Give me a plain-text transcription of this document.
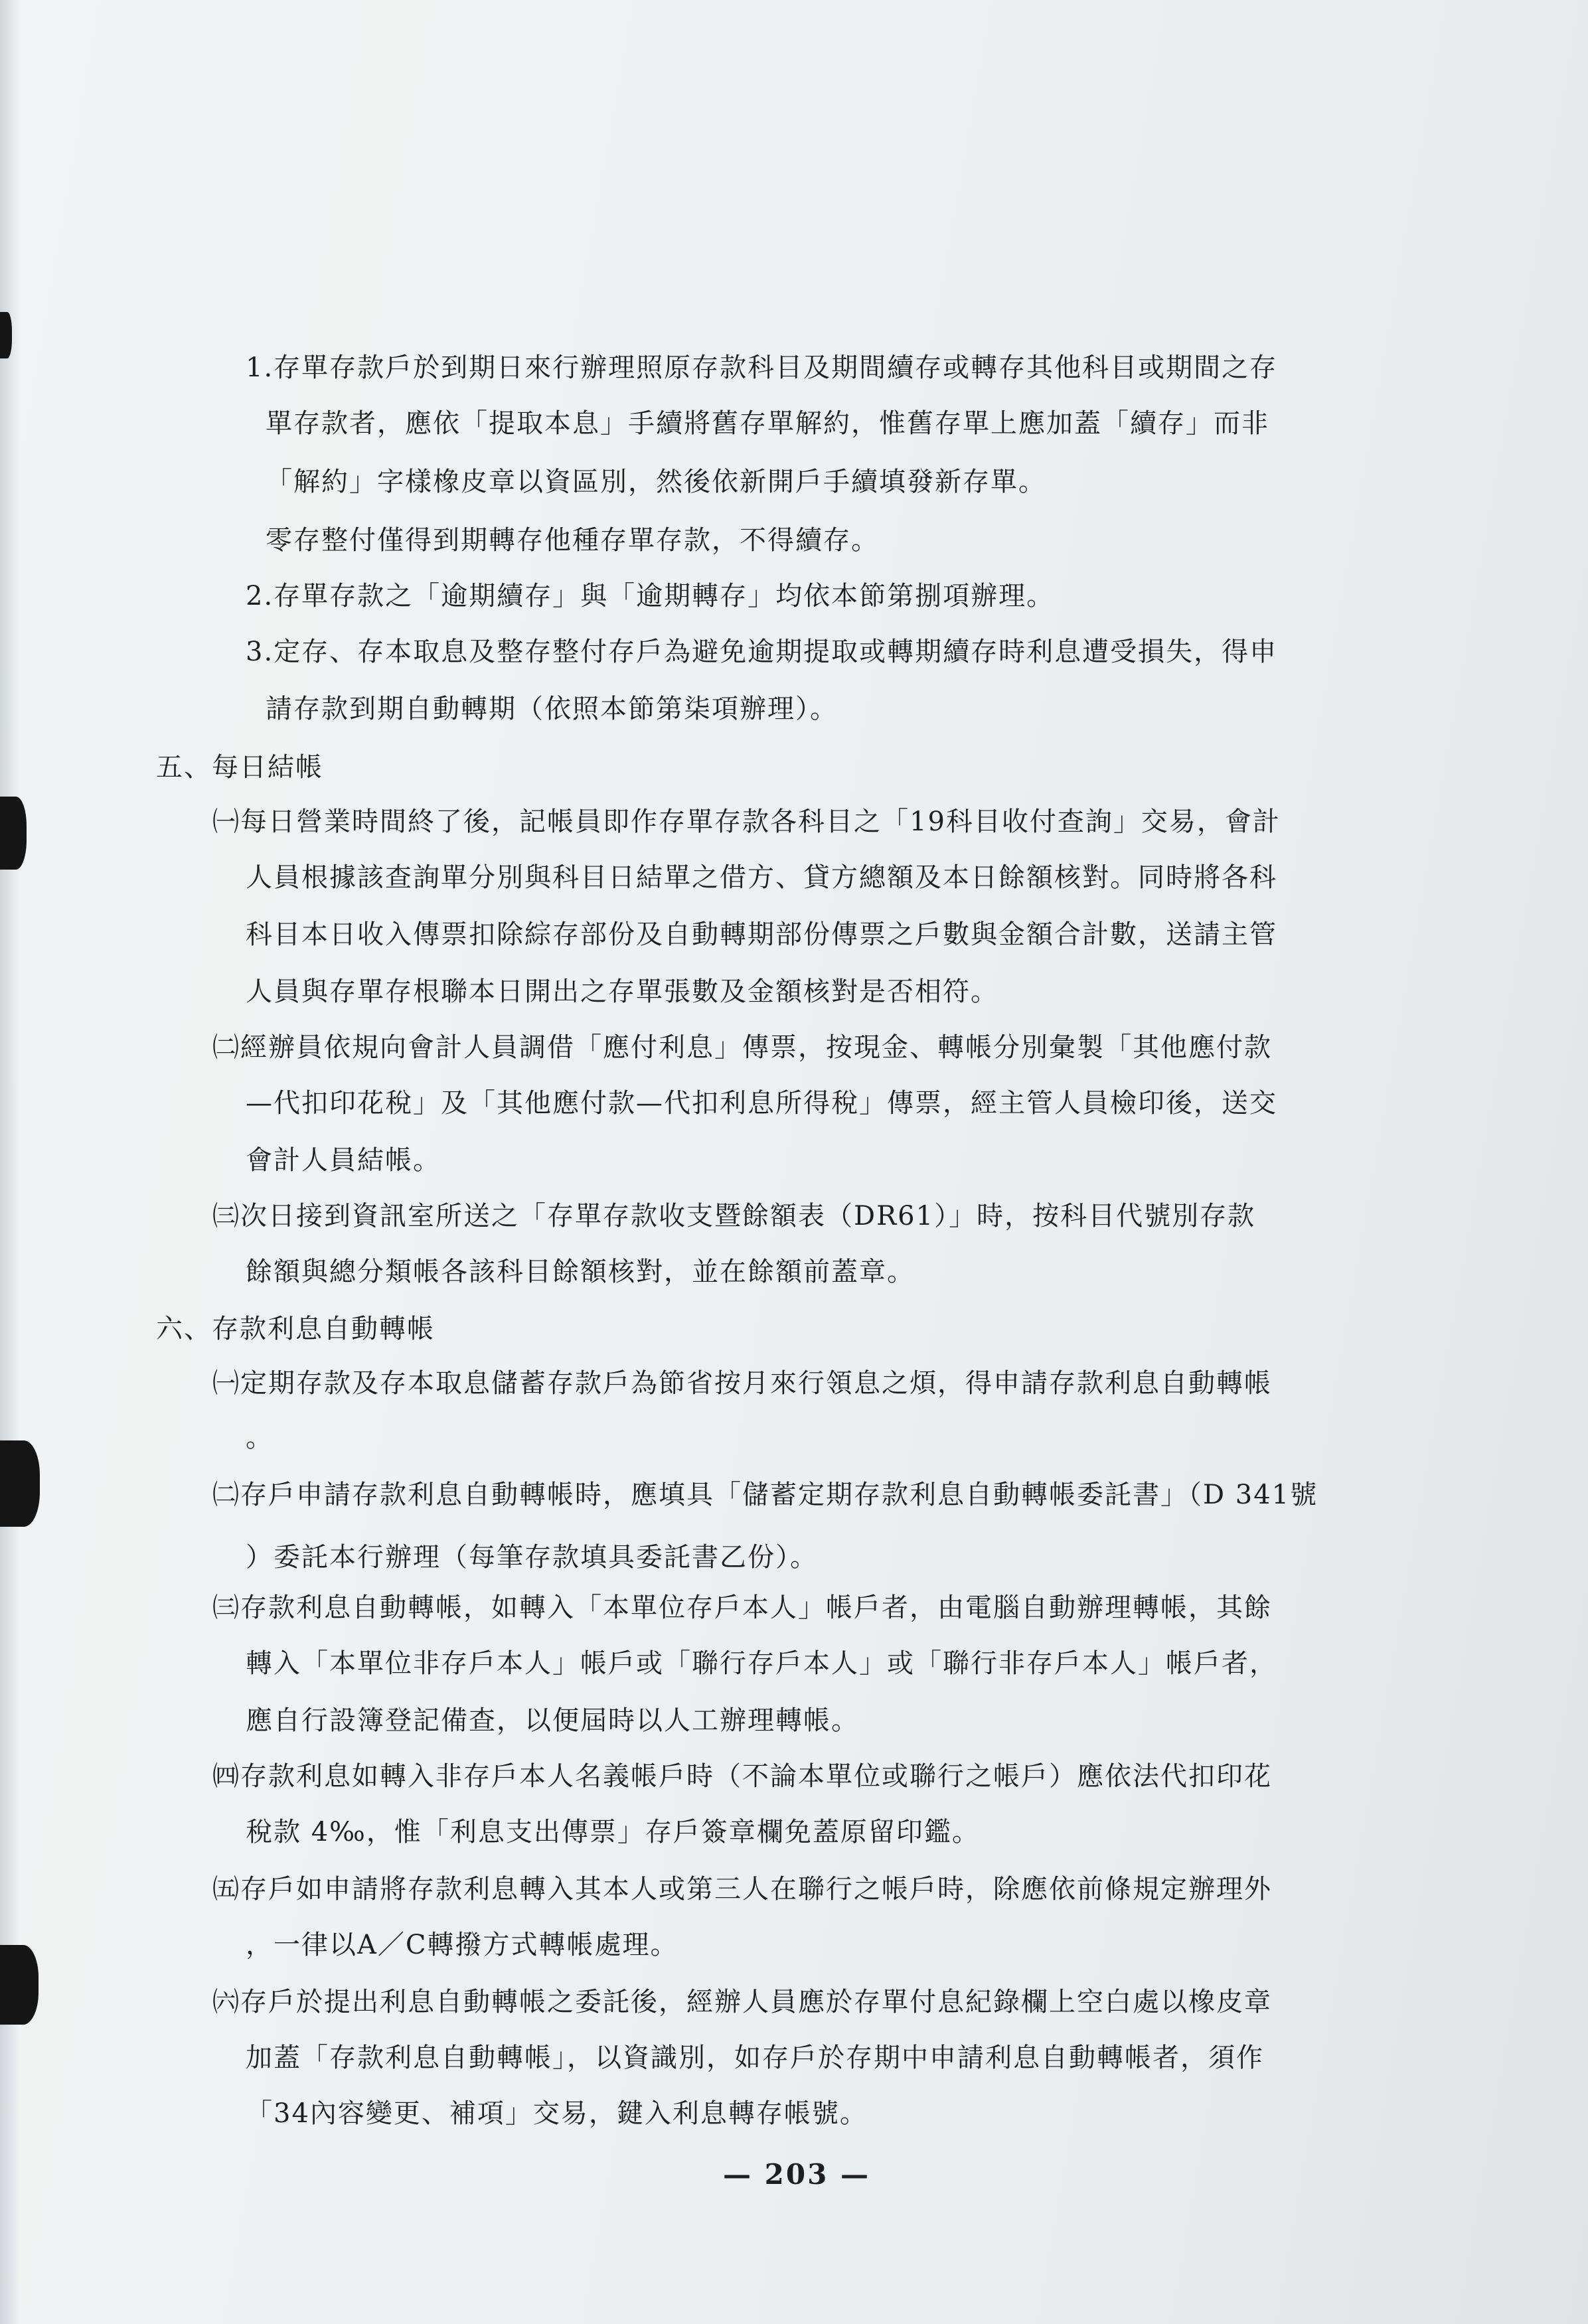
1.存單存款戶於到期日來行辦理照原存款科目及期間續存或轉存其他科目或期間之存
單存款者，應依「提取本息」手續將舊存單解約，惟舊存單上應加蓋「續存」而非
「解約」字樣橡皮章以資區別，然後依新開戶手續填發新存單。
零存整付僅得到期轉存他種存單存款，不得續存。
2.存單存款之「逾期續存」與「逾期轉存」均依本節第捌項辦理。
3.定存、存本取息及整存整付存戶為避免逾期提取或轉期續存時利息遭受損失，得申
請存款到期自動轉期（依照本節第柒項辦理）。
五、每日結帳
㈠每日營業時間終了後，記帳員即作存單存款各科目之「19科目收付查詢」交易，會計
人員根據該查詢單分別與科目日結單之借方、貸方總額及本日餘額核對。同時將各科
科目本日收入傳票扣除綜存部份及自動轉期部份傳票之戶數與金額合計數，送請主管
人員與存單存根聯本日開出之存單張數及金額核對是否相符。
㈡經辦員依規向會計人員調借「應付利息」傳票，按現金、轉帳分別彙製「其他應付款
—代扣印花稅」及「其他應付款—代扣利息所得稅」傳票，經主管人員檢印後，送交
會計人員結帳。
㈢次日接到資訊室所送之「存單存款收支暨餘額表（DR61）」時，按科目代號別存款
餘額與總分類帳各該科目餘額核對，並在餘額前蓋章。
六、存款利息自動轉帳
㈠定期存款及存本取息儲蓄存款戶為節省按月來行領息之煩，得申請存款利息自動轉帳
。
㈡存戶申請存款利息自動轉帳時，應填具「儲蓄定期存款利息自動轉帳委託書」（D 341號
）委託本行辦理（每筆存款填具委託書乙份）。
㈢存款利息自動轉帳，如轉入「本單位存戶本人」帳戶者，由電腦自動辦理轉帳，其餘
轉入「本單位非存戶本人」帳戶或「聯行存戶本人」或「聯行非存戶本人」帳戶者，
應自行設簿登記備查，以便屆時以人工辦理轉帳。
㈣存款利息如轉入非存戶本人名義帳戶時（不論本單位或聯行之帳戶）應依法代扣印花
稅款 4‰，惟「利息支出傳票」存戶簽章欄免蓋原留印鑑。
㈤存戶如申請將存款利息轉入其本人或第三人在聯行之帳戶時，除應依前條規定辦理外
，一律以A／C轉撥方式轉帳處理。
㈥存戶於提出利息自動轉帳之委託後，經辦人員應於存單付息紀錄欄上空白處以橡皮章
加蓋「存款利息自動轉帳」，以資識別，如存戶於存期中申請利息自動轉帳者，須作
「34內容變更、補項」交易，鍵入利息轉存帳號。
— 203 —
